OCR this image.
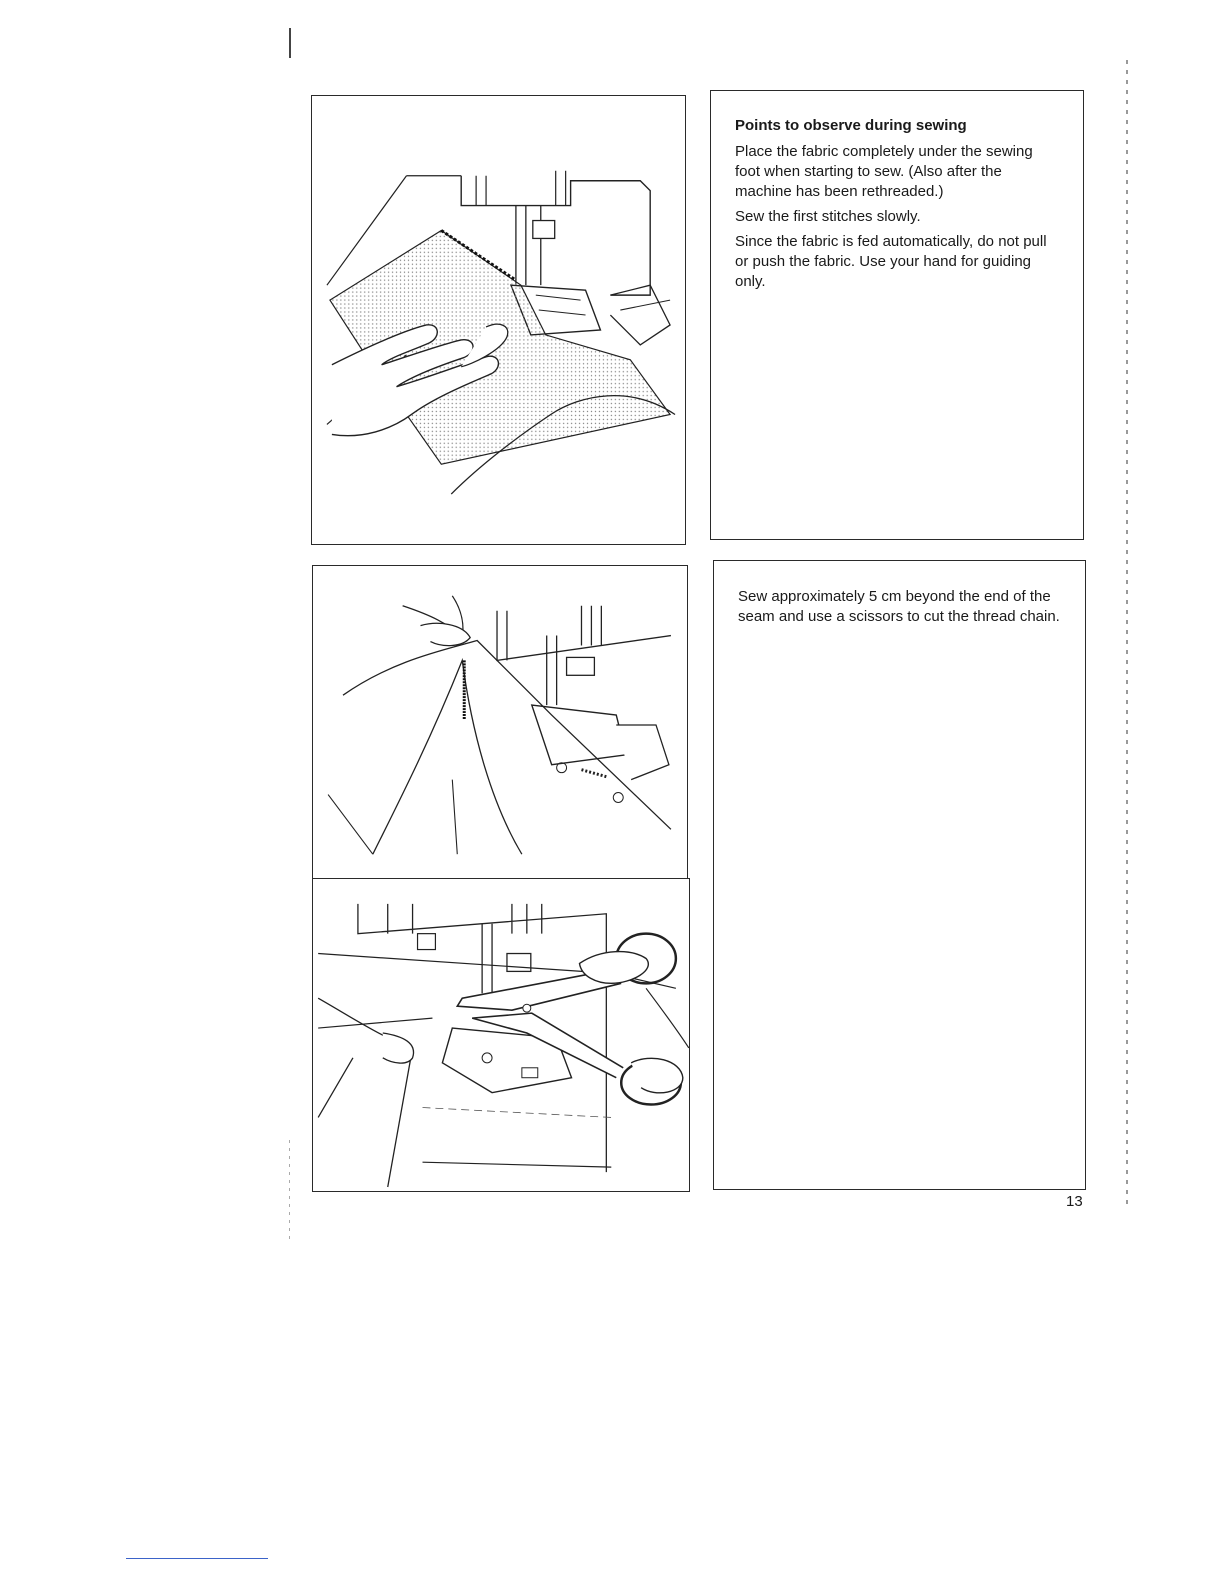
Points to observe during sewing

Place the fabric completely under the sewing foot when starting to sew. (Also after the machine has been rethreaded.)

Sew the first stitches slowly.

Since the fabric is fed automatically, do not pull or push the fabric. Use your hand for guiding only.

Sew approximately 5 cm beyond the end of the seam and use a scissors to cut the thread chain.

13
